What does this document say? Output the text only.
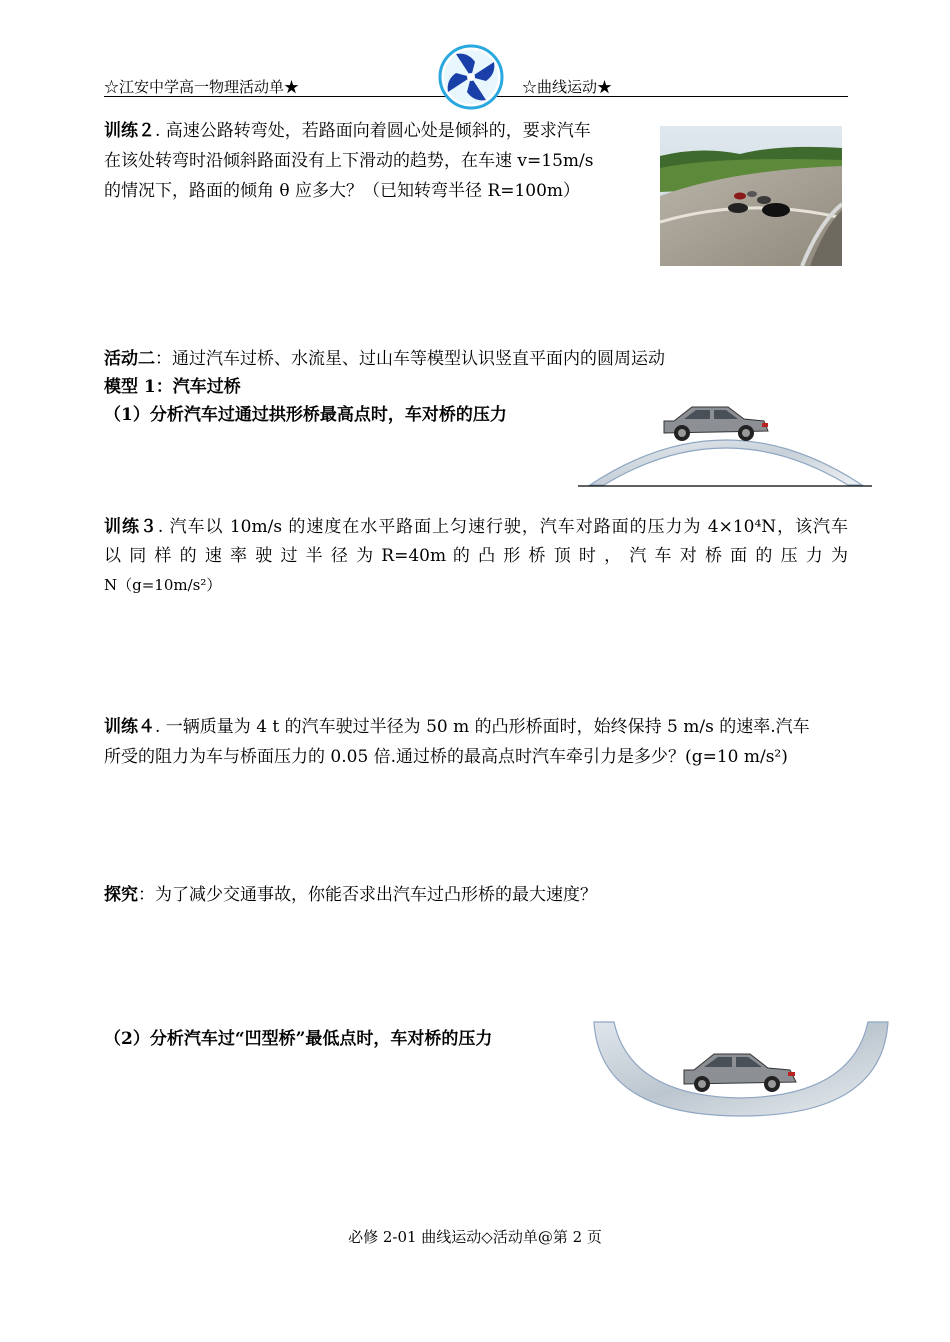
☆江安中学高一物理活动单★	☆曲线运动★
训练２. 高速公路转弯处，若路面向着圆心处是倾斜的，要求汽车
在该处转弯时沿倾斜路面没有上下滑动的趋势，在车速 v=15m/s
的情况下，路面的倾角 θ 应多大？（已知转弯半径 R=100m）
活动二：通过汽车过桥、水流星、过山车等模型认识竖直平面内的圆周运动
模型 1：汽车过桥
（1）分析汽车过通过拱形桥最高点时，车对桥的压力
训练３. 汽车以 10m/s 的速度在水平路面上匀速行驶，汽车对路面的压力为 4×10⁴N，该汽车
以 同 样 的 速 率 驶 过 半 径 为 R=40m 的 凸 形 桥 顶 时 ， 汽 车 对 桥 面 的 压 力 为
N（g=10m/s²）
训练４. 一辆质量为 4 t 的汽车驶过半径为 50 m 的凸形桥面时，始终保持 5 m/s 的速率.汽车
所受的阻力为车与桥面压力的 0.05 倍.通过桥的最高点时汽车牵引力是多少？(g=10 m/s²)
探究：为了减少交通事故，你能否求出汽车过凸形桥的最大速度？
（2）分析汽车过“凹型桥”最低点时，车对桥的压力
必修 2-01 曲线运动◇活动单@第 2 页
